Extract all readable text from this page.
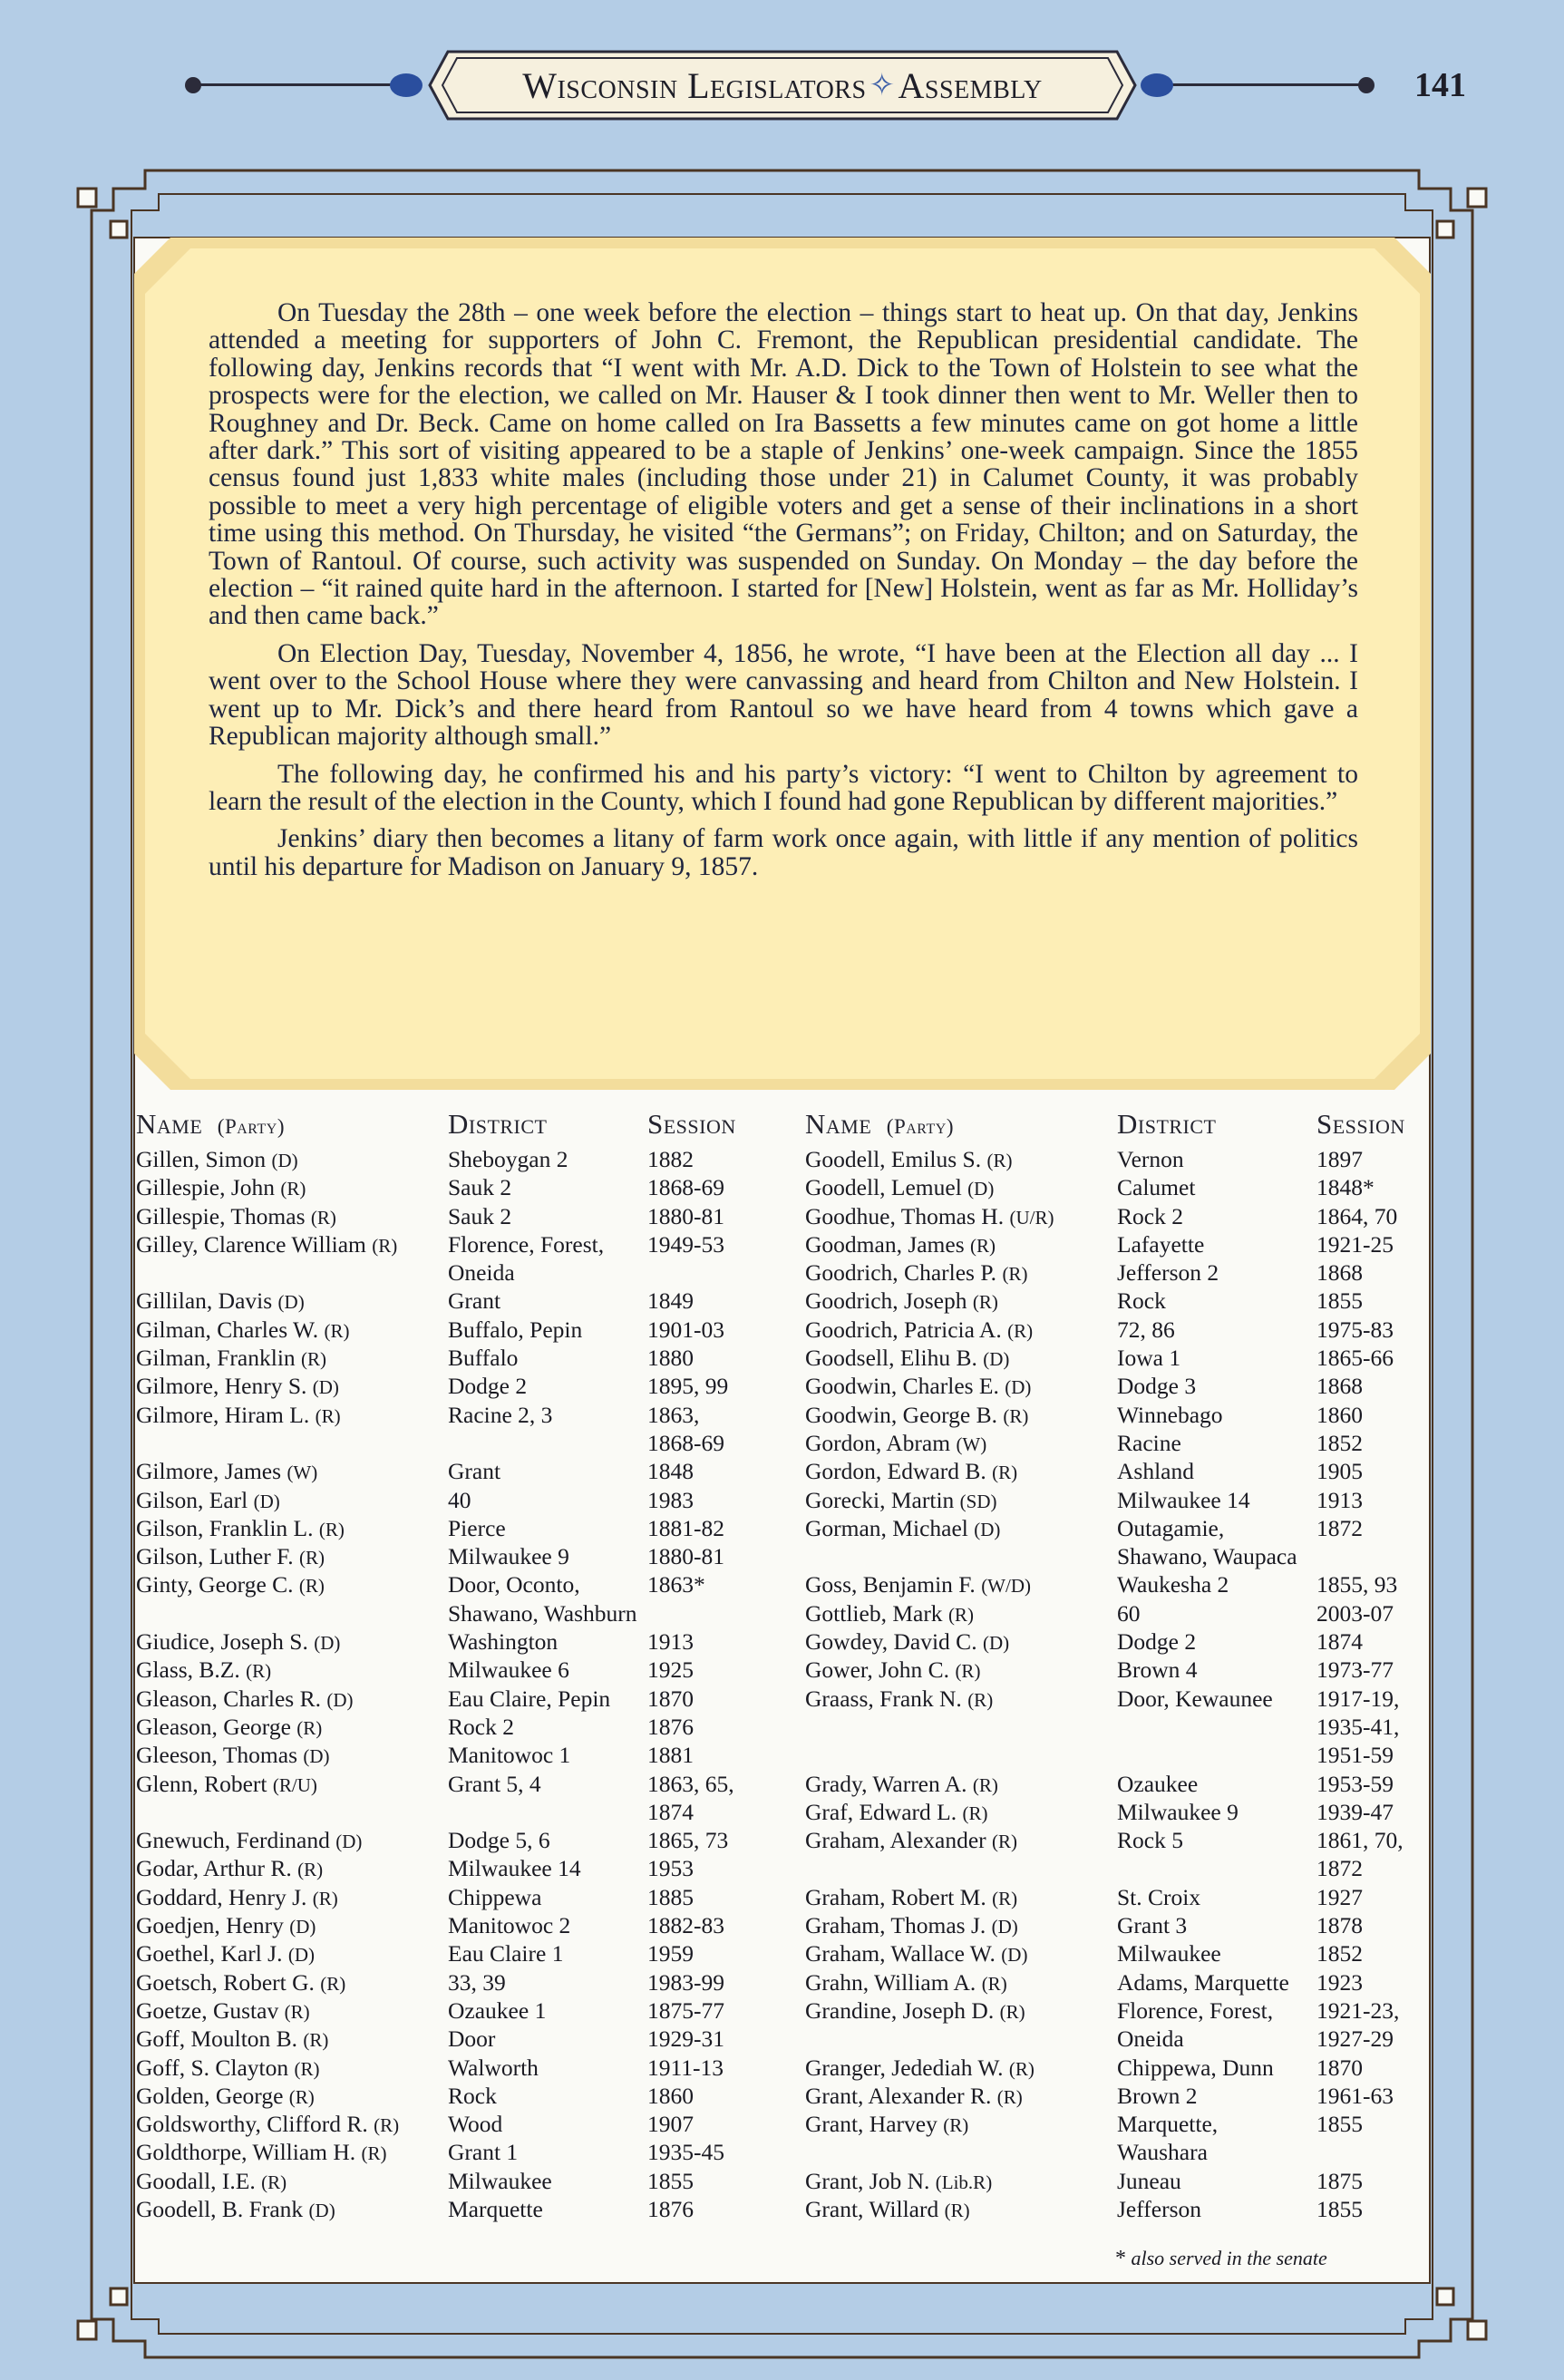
Wisconsin Legislators ✧ Assembly	141

On Tuesday the 28th – one week before the election – things start to heat up. On that day, Jenkins attended a meeting for supporters of John C. Fremont, the Republican presidential candidate. The following day, Jenkins records that “I went with Mr. A.D. Dick to the Town of Holstein to see what the prospects were for the election, we called on Mr. Hauser & I took dinner then went to Mr. Weller then to Roughney and Dr. Beck. Came on home called on Ira Bassetts a few minutes came on got home a little after dark.” This sort of visiting appeared to be a staple of Jenkins’ one-week campaign. Since the 1855 census found just 1,833 white males (including those under 21) in Calumet County, it was probably possible to meet a very high percentage of eligible voters and get a sense of their inclinations in a short time using this method. On Thursday, he visited “the Germans”; on Friday, Chilton; and on Saturday, the Town of Rantoul. Of course, such activity was suspended on Sunday. On Monday – the day before the election – “it rained quite hard in the afternoon. I started for [New] Holstein, went as far as Mr. Holliday’s and then came back.”

On Election Day, Tuesday, November 4, 1856, he wrote, “I have been at the Election all day ... I went over to the School House where they were canvassing and heard from Chilton and New Holstein. I went up to Mr. Dick’s and there heard from Rantoul so we have heard from 4 towns which gave a Republican majority although small.”

The following day, he confirmed his and his party’s victory: “I went to Chilton by agreement to learn the result of the election in the County, which I found had gone Republican by different majorities.”

Jenkins’ diary then becomes a litany of farm work once again, with little if any mention of politics until his departure for Madison on January 9, 1857.

Name (Party)	District	Session
Gillen, Simon (D)	Sheboygan 2	1882
Gillespie, John (R)	Sauk 2	1868-69
Gillespie, Thomas (R)	Sauk 2	1880-81
Gilley, Clarence William (R) Florence, Forest, 1949-53
Oneida
Gillilan, Davis (D)	Grant	1849
Gilman, Charles W. (R)	Buffalo, Pepin	1901-03
Gilman, Franklin (R)	Buffalo	1880
Gilmore, Henry S. (D)	Dodge 2	1895, 99
Gilmore, Hiram L. (R)	Racine 2, 3	1863,
1868-69
Gilmore, James (W)	Grant	1848
Gilson, Earl (D)	40	1983
Gilson, Franklin L. (R)	Pierce	1881-82
Gilson, Luther F. (R)	Milwaukee 9	1880-81
Ginty, George C. (R)	Door, Oconto,	1863*
Shawano, Washburn
Giudice, Joseph S. (D)	Washington	1913
Glass, B.Z. (R)	Milwaukee 6	1925
Gleason, Charles R. (D)	Eau Claire, Pepin 1870
Gleason, George (R)	Rock 2	1876
Gleeson, Thomas (D)	Manitowoc 1	1881
Glenn, Robert (R/U)	Grant 5, 4	1863, 65,
1874
Gnewuch, Ferdinand (D)	Dodge 5, 6	1865, 73
Godar, Arthur R. (R)	Milwaukee 14	1953
Goddard, Henry J. (R)	Chippewa	1885
Goedjen, Henry (D)	Manitowoc 2	1882-83
Goethel, Karl J. (D)	Eau Claire 1	1959
Goetsch, Robert G. (R)	33, 39	1983-99
Goetze, Gustav (R)	Ozaukee 1	1875-77
Goff, Moulton B. (R)	Door	1929-31
Goff, S. Clayton (R)	Walworth	1911-13
Golden, George (R)	Rock	1860
Goldsworthy, Clifford R. (R) Wood	1907
Goldthorpe, William H. (R)	Grant 1	1935-45
Goodall, I.E. (R)	Milwaukee	1855
Goodell, B. Frank (D)	Marquette	1876
Name (Party)	District	Session
Goodell, Emilus S. (R)	Vernon	1897
Goodell, Lemuel (D)	Calumet	1848*
Goodhue, Thomas H. (U/R)	Rock 2	1864, 70
Goodman, James (R)	Lafayette	1921-25
Goodrich, Charles P. (R)	Jefferson 2	1868
Goodrich, Joseph (R)	Rock	1855
Goodrich, Patricia A. (R)	72, 86	1975-83
Goodsell, Elihu B. (D)	Iowa 1	1865-66
Goodwin, Charles E. (D)	Dodge 3	1868
Goodwin, George B. (R)	Winnebago	1860
Gordon, Abram (W)	Racine	1852
Gordon, Edward B. (R)	Ashland	1905
Gorecki, Martin (SD)	Milwaukee 14	1913
Gorman, Michael (D)	Outagamie,	1872
Shawano, Waupaca
Goss, Benjamin F. (W/D)	Waukesha 2	1855, 93
Gottlieb, Mark (R)	60	2003-07
Gowdey, David C. (D)	Dodge 2	1874
Gower, John C. (R)	Brown 4	1973-77
Graass, Frank N. (R)	Door, Kewaunee 1917-19,
1935-41,
1951-59
Grady, Warren A. (R)	Ozaukee	1953-59
Graf, Edward L. (R)	Milwaukee 9	1939-47
Graham, Alexander (R)	Rock 5	1861, 70,
1872
Graham, Robert M. (R)	St. Croix	1927
Graham, Thomas J. (D)	Grant 3	1878
Graham, Wallace W. (D)	Milwaukee	1852
Grahn, William A. (R)	Adams, Marquette 1923
Grandine, Joseph D. (R)	Florence, Forest, 1921-23,
Oneida	1927-29
Granger, Jedediah W. (R)	Chippewa, Dunn 1870
Grant, Alexander R. (R)	Brown 2	1961-63
Grant, Harvey (R)	Marquette,	1855
Waushara
Grant, Job N. (Lib.R)	Juneau	1875
Grant, Willard (R)	Jefferson	1855
* also served in the senate
